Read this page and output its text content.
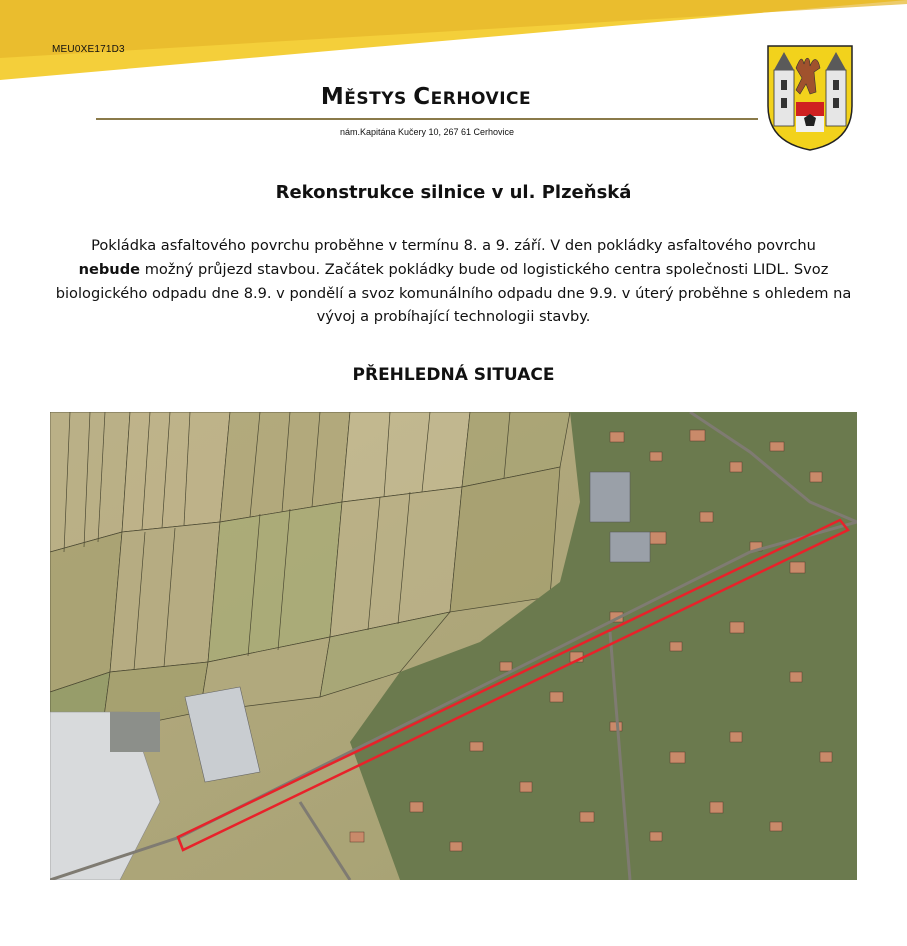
MEU0XE171D3
MĚSTYS CERHOVICE
nám.Kapitána Kučery 10, 267 61 Cerhovice
Rekonstrukce silnice v ul. Plzeňská
Pokládka asfaltového povrchu proběhne v termínu 8. a 9. září. V den pokládky asfaltového povrchu
nebude možný průjezd stavbou. Začátek pokládky bude od logistického centra společnosti LIDL. Svoz biologického odpadu dne 8.9. v pondělí a svoz komunálního odpadu dne 9.9. v úterý proběhne s ohledem na vývoj a probíhající technologii stavby.
PŘEHLEDNÁ SITUACE
